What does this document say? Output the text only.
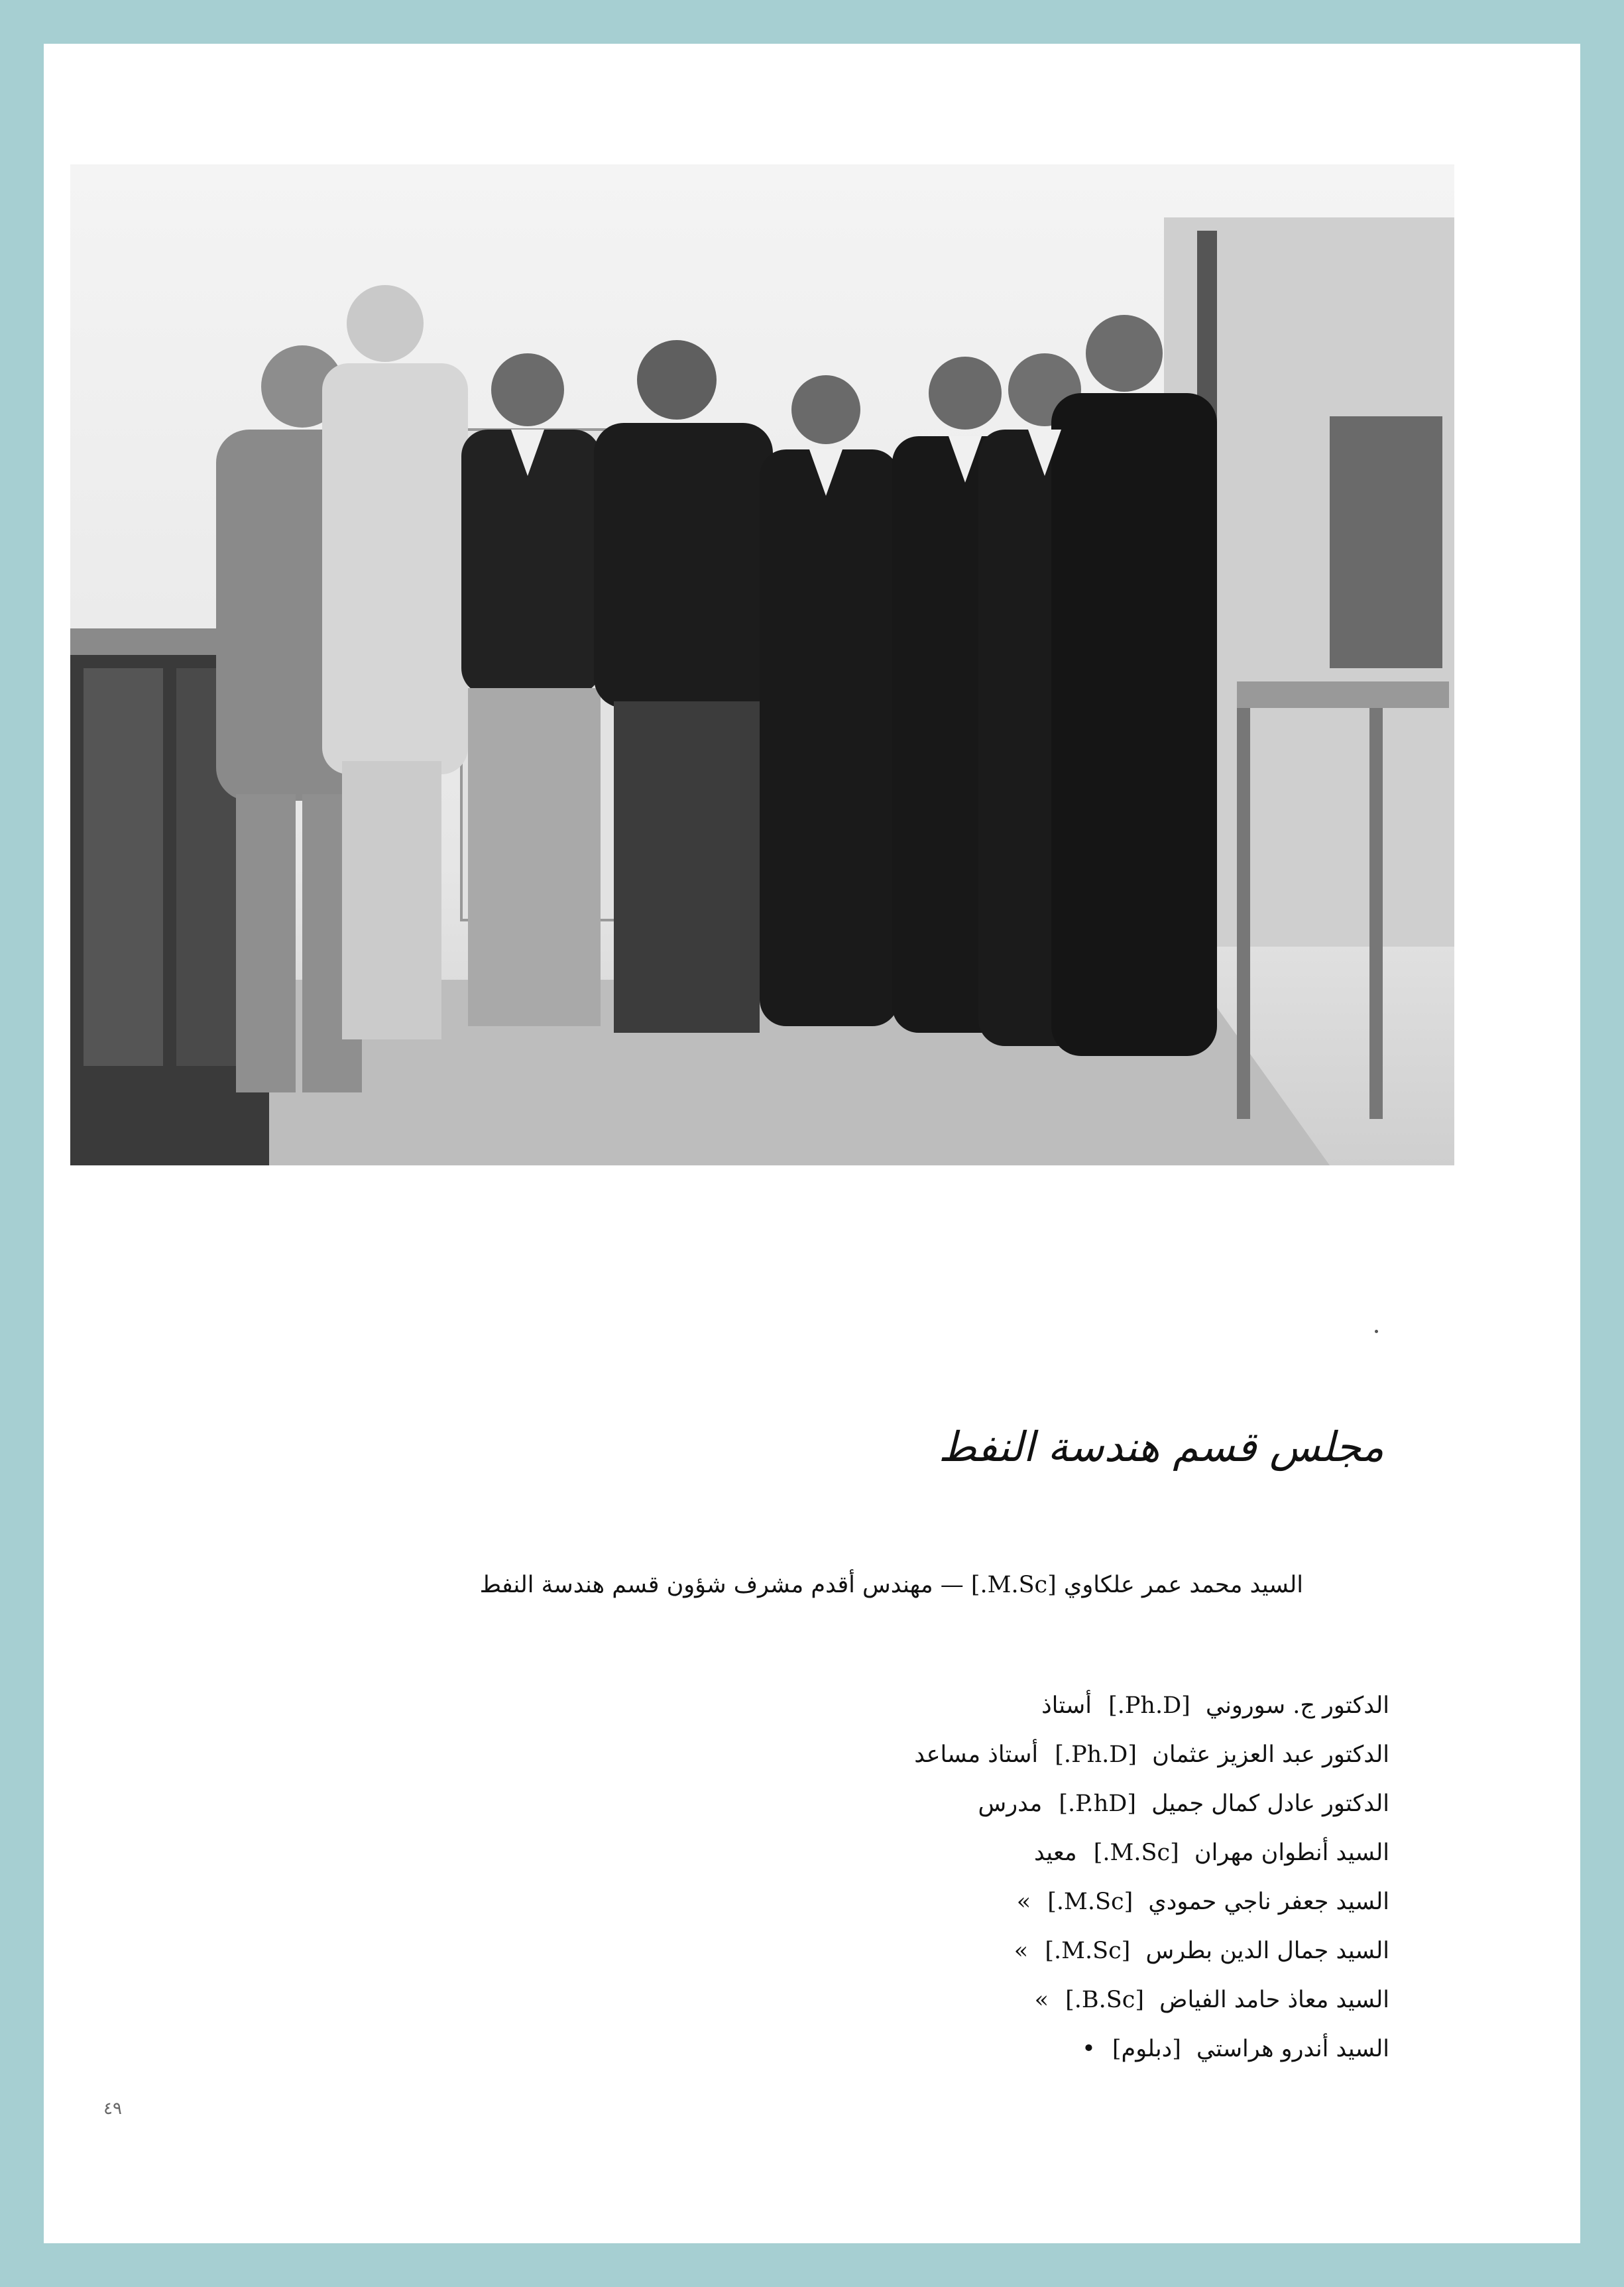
مجلس قسم هندسة النفط
السيد محمد عمر علكاوي [M.Sc.] — مهندس أقدم مشرف شؤون قسم هندسة النفط
الدكتور ج. سوروني [Ph.D.] أستاذ
الدكتور عبد العزيز عثمان [Ph.D.] أستاذ مساعد
الدكتور عادل كمال جميل [P.hD.] مدرس
السيد أنطوان مهران [M.Sc.] معيد
السيد جعفر ناجي حمودي [M.Sc.] »
السيد جمال الدين بطرس [M.Sc.] »
السيد معاذ حامد الفياض [B.Sc.] »
السيد أندرو هراستي [دبلوم] •
٤٩
